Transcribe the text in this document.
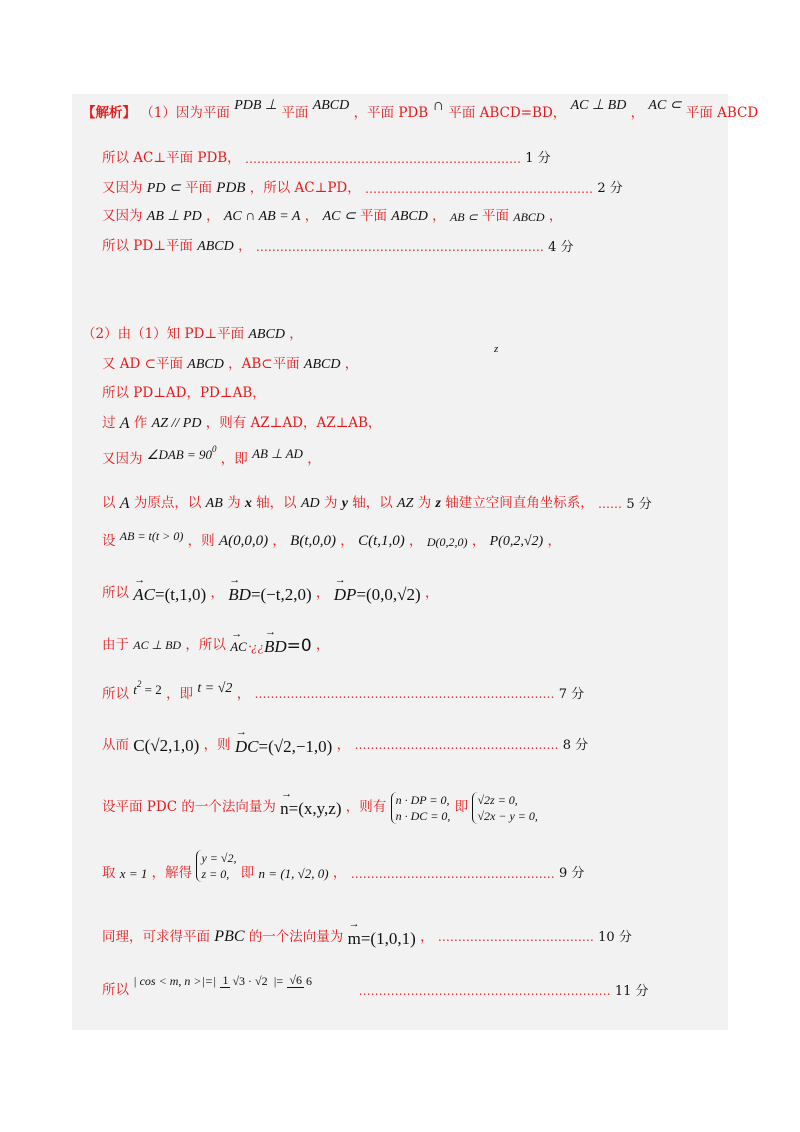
【解析】 （1）因为平面 PDB ⊥ 平面 ABCD ，平面 PDB ∩ 平面 ABCD=BD， AC ⊥ BD ， AC ⊂ 平面 ABCD
所以 AC⊥平面 PDB， …………………………………………………………… 1 分
又因为 PD ⊂ 平面 PDB ，所以 AC⊥PD， ………………………………………………… 2 分
又因为 AB ⊥ PD ， AC ∩ AB = A ， AC ⊂ 平面 ABCD ， AB ⊂ 平面 ABCD ，
所以 PD⊥平面 ABCD ， ……………………………………………………………… 4 分
（2）由（1）知 PD⊥平面 ABCD ，
z
又 AD ⊂平面 ABCD ，AB⊂平面 ABCD ，
所以 PD⊥AD，PD⊥AB，
过 A 作 AZ // PD ，则有 AZ⊥AD，AZ⊥AB，
又因为 ∠DAB = 900 ，即 AB ⊥ AD ，
以 A 为原点，以 AB 为 x 轴，以 AD 为 y 轴，以 AZ 为 z 轴建立空间直角坐标系， …… 5 分
设 AB = t(t > 0) ，则 A(0,0,0) ， B(t,0,0) ， C(t,1,0) ， D(0,2,0) ， P(0,2,√2) ，
所以 → AC=(t,1,0) ， → BD=(−t,2,0) ， → DP=(0,0,√2) ，
由于 AC ⊥ BD ，所以 → AC⋅¿¿→ BD=0 ，
所以 t2 = 2 ，即 t = √2 ， ………………………………………………………………… 7 分
从而 C(√2,1,0) ，则 → DC=(√2,−1,0) ， …………………………………………… 8 分
设平面 PDC 的一个法向量为 → n=(x,y,z) ，则有 n · DP = 0,
n · DC = 0, 即 √2z = 0,
√2x − y = 0,
取 x = 1 ，解得 y = √2,
z = 0, 即 n = (1, √2, 0) ， …………………………………………… 9 分
同理，可求得平面 PBC 的一个法向量为 → m=(1,0,1) ， ………………………………… 10 分
所以 | cos < m, n >|=| 1 √3 · √2 |= √6 6  ……………………………………………………… 11 分
